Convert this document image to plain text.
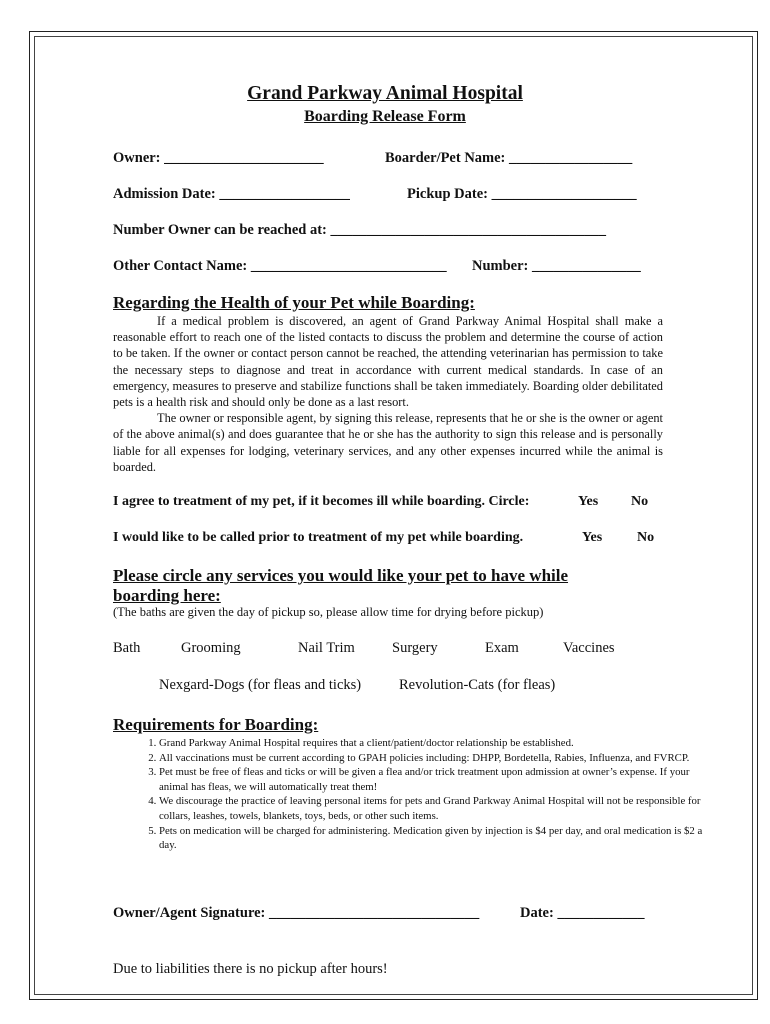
Grand Parkway Animal Hospital
Boarding Release Form
Owner: ______________________	Boarder/Pet Name: _________________
Admission Date: __________________	Pickup Date: ____________________
Number Owner can be reached at: ______________________________________
Other Contact Name: ___________________________ Number: _______________
Regarding the Health of your Pet while Boarding:

If a medical problem is discovered, an agent of Grand Parkway Animal Hospital shall make a reasonable effort to reach one of the listed contacts to discuss the problem and determine the course of action to be taken. If the owner or contact person cannot be reached, the attending veterinarian has permission to take the necessary steps to diagnose and treat in accordance with current medical standards. In case of an emergency, measures to preserve and stabilize functions shall be taken immediately. Boarding older debilitated pets is a health risk and should only be done as a last resort.

The owner or responsible agent, by signing this release, represents that he or she is the owner or agent of the above animal(s) and does guarantee that he or she has the authority to sign this release and is personally liable for all expenses for lodging, veterinary services, and any other expenses incurred while the animal is boarded.

I agree to treatment of my pet, if it becomes ill while boarding. Circle:	Yes No
I would like to be called prior to treatment of my pet while boarding.	Yes No
Please circle any services you would like your pet to have while
boarding here:
(The baths are given the day of pickup so, please allow time for drying before pickup)
Bath	Grooming	Nail Trim	Surgery	Exam	Vaccines
Nexgard-Dogs (for fleas and ticks)	Revolution-Cats (for fleas)
Requirements for Boarding:
1. Grand Parkway Animal Hospital requires that a client/patient/doctor relationship be established.
2. All vaccinations must be current according to GPAH policies including: DHPP, Bordetella, Rabies, Influenza, and FVRCP.
3. Pet must be free of fleas and ticks or will be given a flea and/or trick treatment upon admission at owner’s expense. If your animal has fleas, we will automatically treat them!
4. We discourage the practice of leaving personal items for pets and Grand Parkway Animal Hospital will not be responsible for collars, leashes, towels, blankets, toys, beds, or other such items.
5. Pets on medication will be charged for administering. Medication given by injection is $4 per day, and oral medication is $2 a day.
Owner/Agent Signature: _____________________________	Date: ____________
Due to liabilities there is no pickup after hours!
